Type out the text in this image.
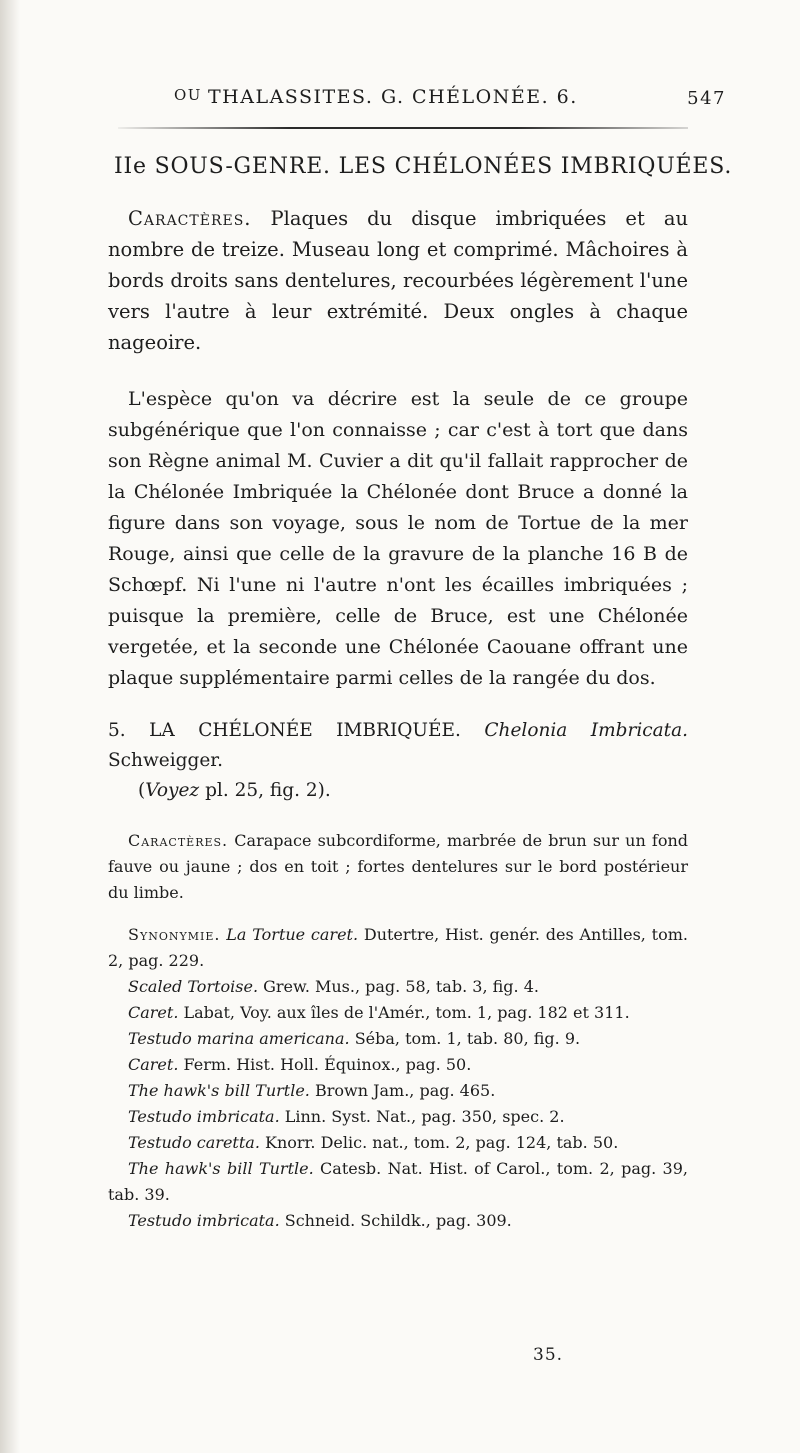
OU THALASSITES. G. CHÉLONÉE. 6.	547
IIe SOUS-GENRE. LES CHÉLONÉES IMBRIQUÉES.

Caractères. Plaques du disque imbriquées et au nombre de treize. Museau long et comprimé. Mâchoires à bords droits sans dentelures, recourbées légèrement l'une vers l'autre à leur extrémité. Deux ongles à chaque nageoire.

L'espèce qu'on va décrire est la seule de ce groupe subgénérique que l'on connaisse ; car c'est à tort que dans son Règne animal M. Cuvier a dit qu'il fallait rapprocher de la Chélonée Imbriquée la Chélonée dont Bruce a donné la figure dans son voyage, sous le nom de Tortue de la mer Rouge, ainsi que celle de la gravure de la planche 16 B de Schœpf. Ni l'une ni l'autre n'ont les écailles imbriquées ; puisque la première, celle de Bruce, est une Chélonée vergetée, et la seconde une Chélonée Caouane offrant une plaque supplémentaire parmi celles de la rangée du dos.

5. LA CHÉLONÉE IMBRIQUÉE. Chelonia Imbricata. Schweigger.
(Voyez pl. 25, fig. 2).

Caractères. Carapace subcordiforme, marbrée de brun sur un fond fauve ou jaune ; dos en toit ; fortes dentelures sur le bord postérieur du limbe.

Synonymie. La Tortue caret. Dutertre, Hist. genér. des Antilles, tom. 2, pag. 229.
Scaled Tortoise. Grew. Mus., pag. 58, tab. 3, fig. 4.
Caret. Labat, Voy. aux îles de l'Amér., tom. 1, pag. 182 et 311.
Testudo marina americana. Séba, tom. 1, tab. 80, fig. 9.
Caret. Ferm. Hist. Holl. Équinox., pag. 50.
The hawk's bill Turtle. Brown Jam., pag. 465.
Testudo imbricata. Linn. Syst. Nat., pag. 350, spec. 2.
Testudo caretta. Knorr. Delic. nat., tom. 2, pag. 124, tab. 50.
The hawk's bill Turtle. Catesb. Nat. Hist. of Carol., tom. 2, pag. 39, tab. 39.
Testudo imbricata. Schneid. Schildk., pag. 309.
35.
